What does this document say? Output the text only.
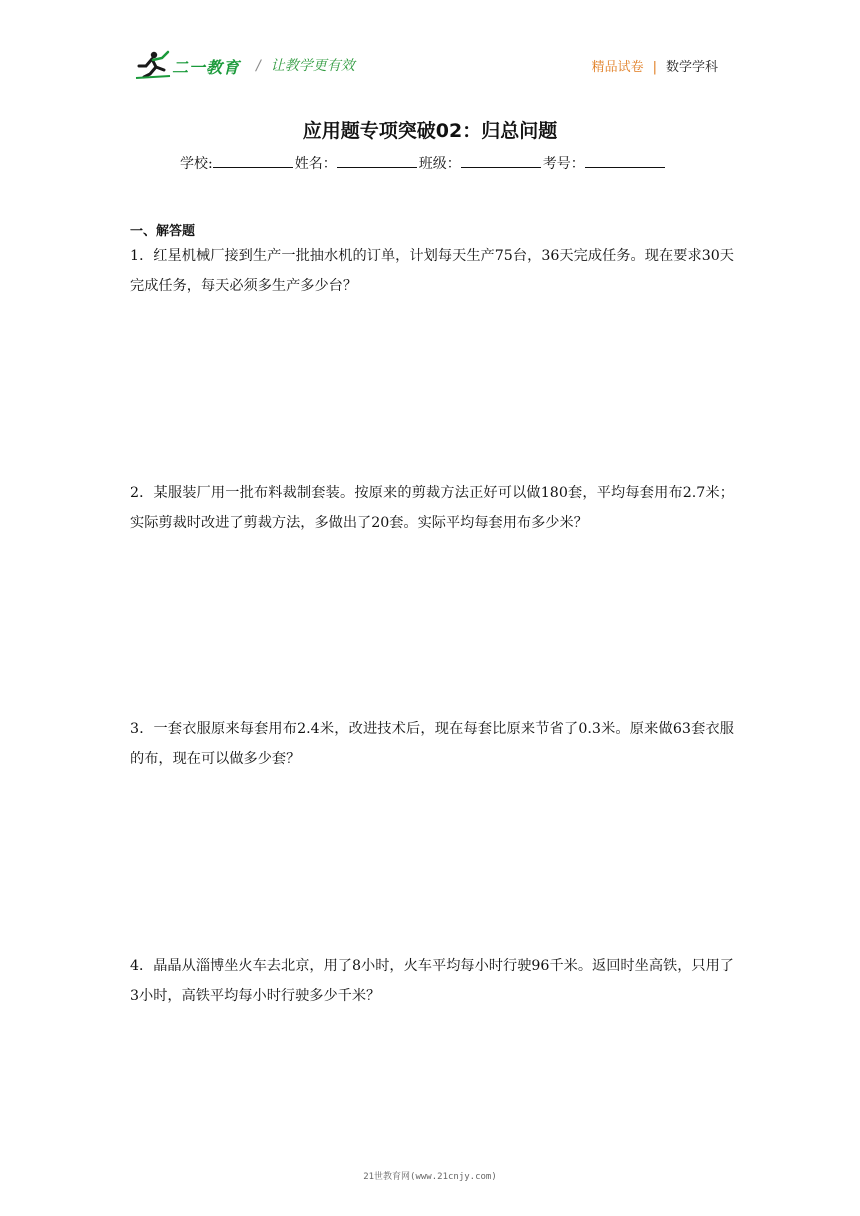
二一教育 / 让教学更有效	精品试卷 | 数学学科
应用题专项突破02：归总问题
学校:	姓名：	班级：	考号：
一、解答题
1．红星机械厂接到生产一批抽水机的订单，计划每天生产75台，36天完成任务。现在要求30天完成任务，每天必须多生产多少台？
2．某服装厂用一批布料裁制套装。按原来的剪裁方法正好可以做180套，平均每套用布2.7米；实际剪裁时改进了剪裁方法，多做出了20套。实际平均每套用布多少米？
3．一套衣服原来每套用布2.4米，改进技术后，现在每套比原来节省了0.3米。原来做63套衣服的布，现在可以做多少套？
4．晶晶从淄博坐火车去北京，用了8小时，火车平均每小时行驶96千米。返回时坐高铁，只用了3小时，高铁平均每小时行驶多少千米？
21世教育网(www.21cnjy.com)
